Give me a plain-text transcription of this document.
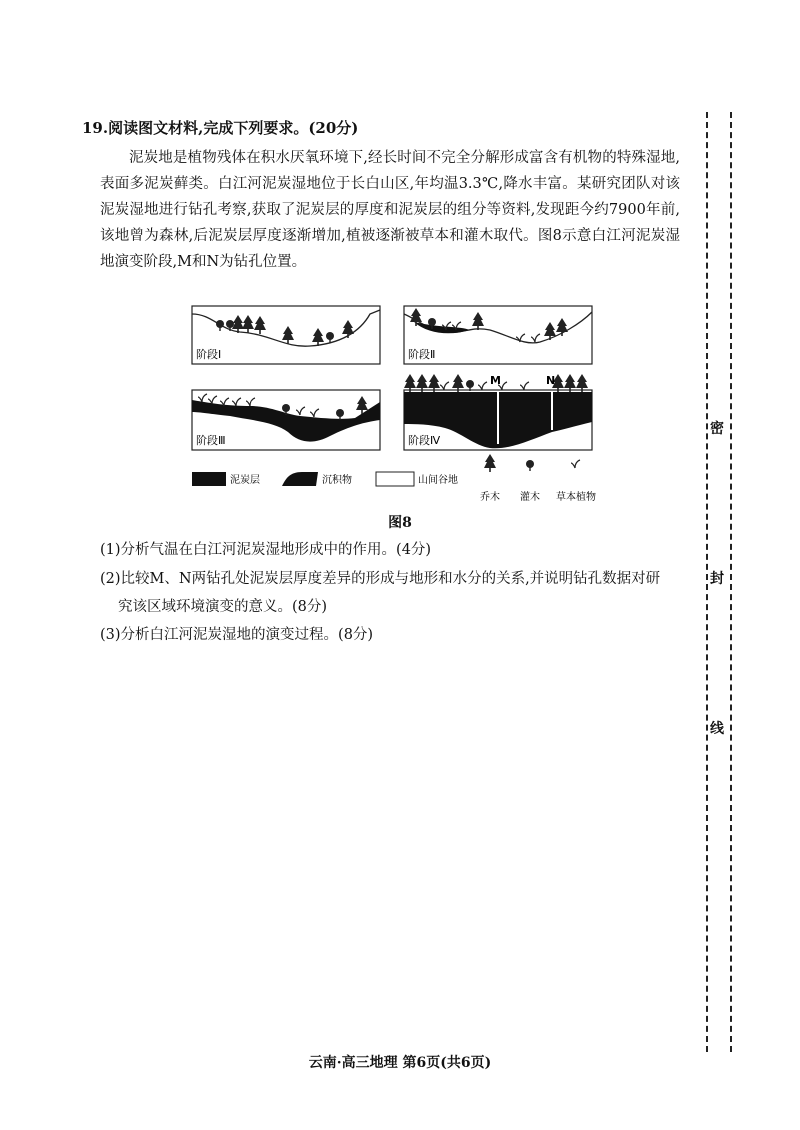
19.阅读图文材料,完成下列要求。(20分)

泥炭地是植物残体在积水厌氧环境下,经长时间不完全分解形成富含有机物的特殊湿地,表面多泥炭藓类。白江河泥炭湿地位于长白山区,年均温3.3℃,降水丰富。某研究团队对该泥炭湿地进行钻孔考察,获取了泥炭层的厚度和泥炭层的组分等资料,发现距今约7900年前,该地曾为森林,后泥炭层厚度逐渐增加,植被逐渐被草本和灌木取代。图8示意白江河泥炭湿地演变阶段,M和N为钻孔位置。

阶段Ⅰ	阶段Ⅱ
阶段Ⅲ
M	N
阶段Ⅳ
泥炭层	沉积物	山间谷地
乔木 灌木 草本植物
图8

(1)分析气温在白江河泥炭湿地形成中的作用。(4分)

(2)比较M、N两钻孔处泥炭层厚度差异的形成与地形和水分的关系,并说明钻孔数据对研

究该区域环境演变的意义。(8分)

(3)分析白江河泥炭湿地的演变过程。(8分)

密
封
线
云南·高三地理 第6页(共6页)
